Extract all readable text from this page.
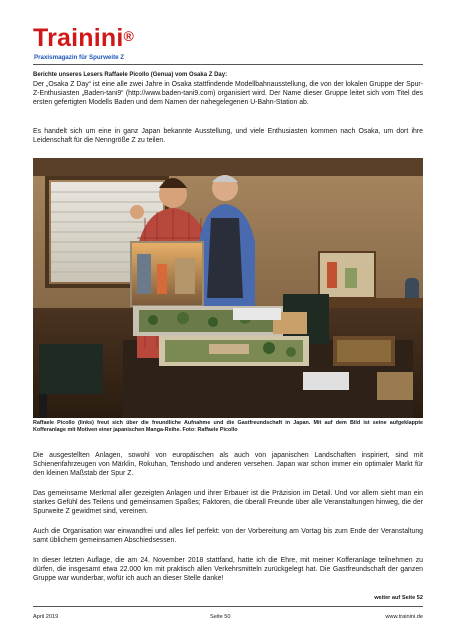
Trainini®
Praxismagazin für Spurweite Z
Berichte unseres Lesers Raffaele Picollo (Genua) vom Osaka Z Day:

Der „Osaka Z Day“ ist eine alle zwei Jahre in Osaka stattfindende Modellbahnausstellung, die von der lokalen Gruppe der Spur-Z-Enthusiasten „Baden-tani9“ (http://www.baden-tani9.com) organisiert wird. Der Name dieser Gruppe leitet sich vom Titel des ersten gefertigten Modells Baden und dem Namen der nahegelegenen U-Bahn-Station ab.

Es handelt sich um eine in ganz Japan bekannte Ausstellung, und viele Enthusiasten kommen nach Osaka, um dort ihre Leidenschaft für die Nenngröße Z zu teilen.

Raffaele Picollo (links) freut sich über die freundliche Aufnahme und die Gastfreundschaft in Japan. Mit auf dem Bild ist seine aufgeklappte Kofferanlage mit Motiven einer japanischen Manga-Reihe. Foto: Raffaele Picollo

Die ausgestellten Anlagen, sowohl von europäischen als auch von japanischen Landschaften inspiriert, sind mit Schienenfahrzeugen von Märklin, Rokuhan, Tenshodo und anderen versehen. Japan war schon immer ein optimaler Markt für den kleinen Maßstab der Spur Z.

Das gemeinsame Merkmal aller gezeigten Anlagen und ihrer Erbauer ist die Präzision im Detail. Und vor allem sieht man ein starkes Gefühl des Teilens und gemeinsamen Spaßes; Faktoren, die überall Freunde über alle Veranstaltungen hinweg, die der Spurweite Z gewidmet sind, vereinen.

Auch die Organisation war einwandfrei und alles lief perfekt: von der Vorbereitung am Vortag bis zum Ende der Veranstaltung samt üblichem gemeinsamen Abschiedsessen.

In dieser letzten Auflage, die am 24. November 2018 stattfand, hatte ich die Ehre, mit meiner Kofferanlage teilnehmen zu dürfen, die insgesamt etwa 22.000 km mit praktisch allen Verkehrsmitteln zurückgelegt hat. Die Gastfreundschaft der ganzen Gruppe war wunderbar, wofür ich auch an dieser Stelle danke!

weiter auf Seite 52
April 2019	Seite 50	www.trainini.de
